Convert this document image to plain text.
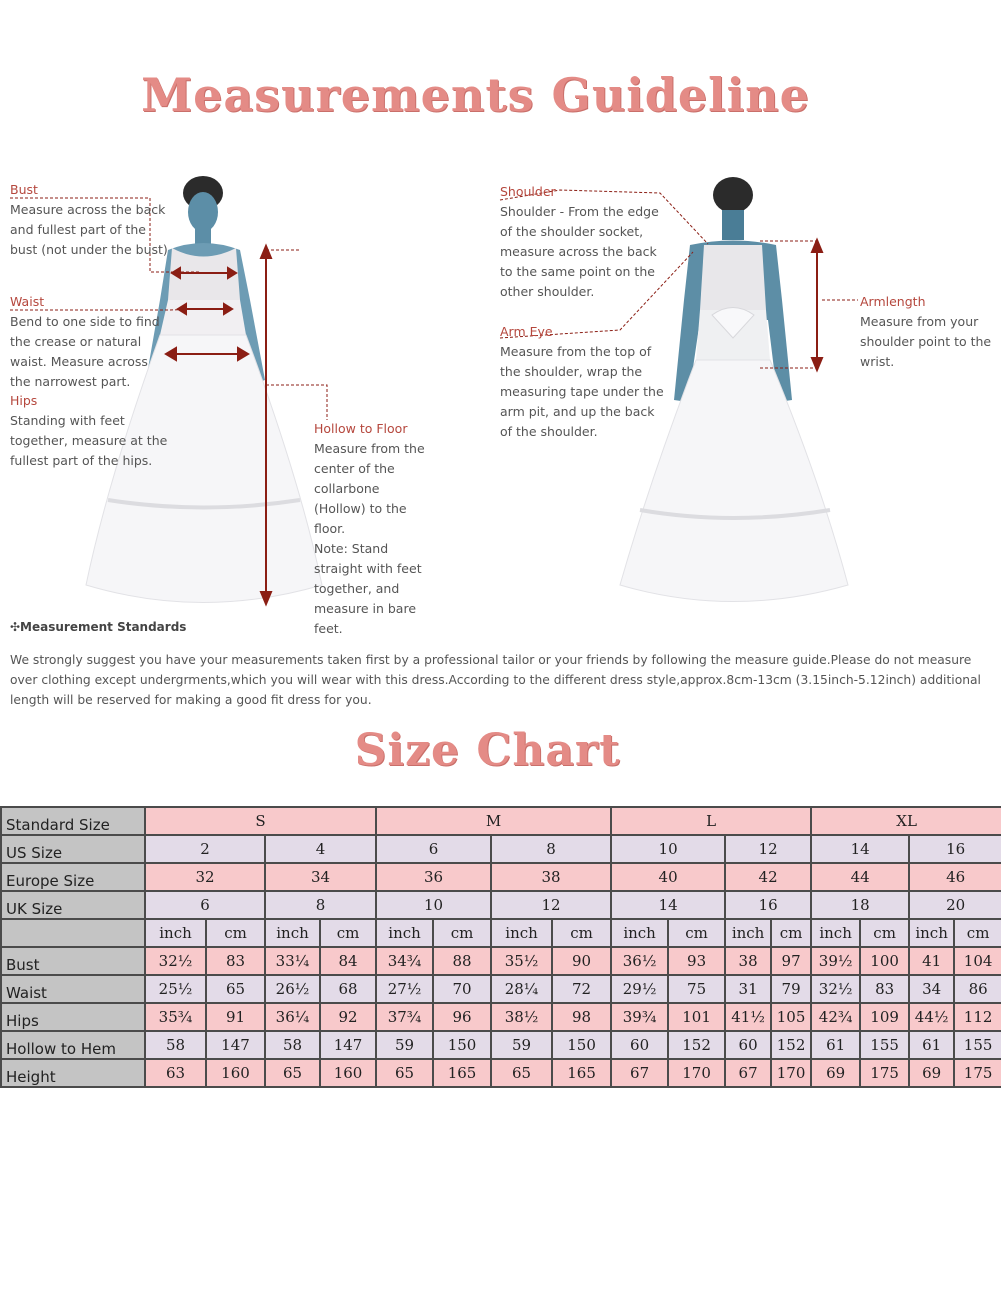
Measurements Guideline
Bust
Measure across the back
and fullest part of the
bust (not under the bust)
Waist
Bend to one side to find
the crease or natural
waist. Measure across
the narrowest part.
Hips
Standing with feet
together, measure at the
fullest part of the hips.
Hollow to Floor
Measure from the
center of the
collarbone
(Hollow) to the
floor.
Note: Stand
straight with feet
together, and
measure in bare
feet.
Shoulder
Shoulder - From the edge
of the shoulder socket,
measure across the back
to the same point on the
other shoulder.
Arm Eye
Measure from the top of
the shoulder, wrap the
measuring tape under the
arm pit, and up the back
of the shoulder.
Armlength
Measure from your
shoulder point to the
wrist.
✣Measurement Standards
We strongly suggest you have your measurements taken first by a professional tailor or your friends by following the measure guide.Please do not measure
over clothing except undergrments,which you will wear with this dress.According to the different dress style,approx.8cm-13cm (3.15inch-5.12inch) additional
length will be reserved for making a good fit dress for you.
Size Chart
Standard Size	S				M				L				XL			
US Size	2		4		6		8		10		12		14		16	
Europe Size	32		34		36		38		40		42		44		46	
UK Size	6		8		10		12		14		16		18		20	
	inch	cm	inch	cm	inch	cm	inch	cm	inch	cm	inch	cm	inch	cm	inch	cm
Bust	32½	83	33¼	84	34¾	88	35½	90	36½	93	38	97	39½	100	41	104
Waist	25½	65	26½	68	27½	70	28¼	72	29½	75	31	79	32½	83	34	86
Hips	35¾	91	36¼	92	37¾	96	38½	98	39¾	101	41½	105	42¾	109	44½	112
Hollow to Hem	58	147	58	147	59	150	59	150	60	152	60	152	61	155	61	155
Height	63	160	65	160	65	165	65	165	67	170	67	170	69	175	69	175
